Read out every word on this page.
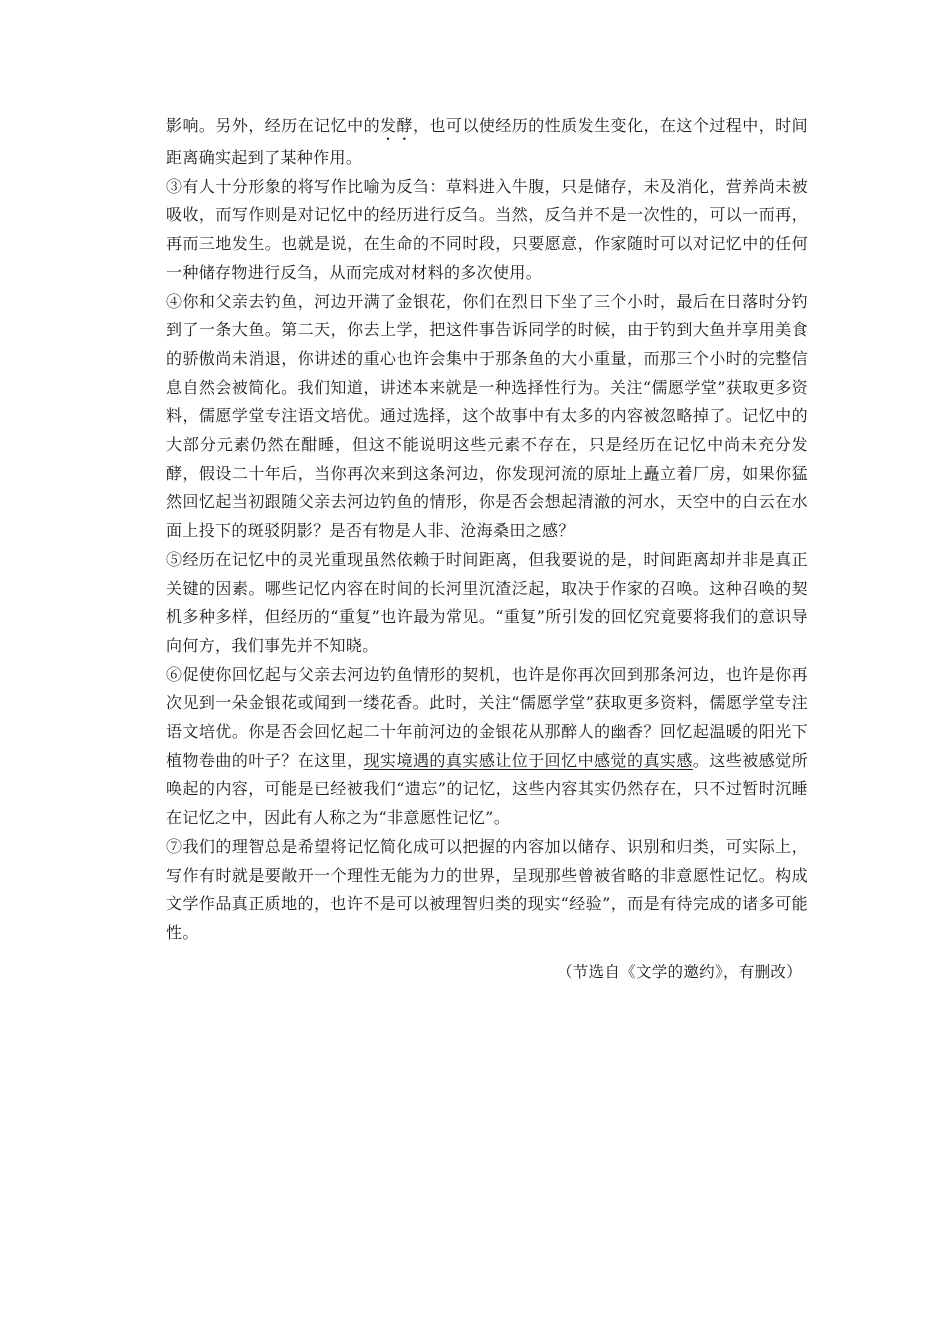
影响。另外，经历在记忆中的发酵，也可以使经历的性质发生变化，在这个过程中，时间距离确实起到了某种作用。

③有人十分形象的将写作比喻为反刍：草料进入牛腹，只是储存，未及消化，营养尚未被吸收，而写作则是对记忆中的经历进行反刍。当然，反刍并不是一次性的，可以一而再，再而三地发生。也就是说，在生命的不同时段，只要愿意，作家随时可以对记忆中的任何一种储存物进行反刍，从而完成对材料的多次使用。

④你和父亲去钓鱼，河边开满了金银花，你们在烈日下坐了三个小时，最后在日落时分钓到了一条大鱼。第二天，你去上学，把这件事告诉同学的时候，由于钓到大鱼并享用美食的骄傲尚未消退，你讲述的重心也许会集中于那条鱼的大小重量，而那三个小时的完整信息自然会被简化。我们知道，讲述本来就是一种选择性行为。关注“儒愿学堂”获取更多资料，儒愿学堂专注语文培优。通过选择，这个故事中有太多的内容被忽略掉了。记忆中的大部分元素仍然在酣睡，但这不能说明这些元素不存在，只是经历在记忆中尚未充分发酵，假设二十年后，当你再次来到这条河边，你发现河流的原址上矗立着厂房，如果你猛然回忆起当初跟随父亲去河边钓鱼的情形，你是否会想起清澈的河水，天空中的白云在水面上投下的斑驳阴影？是否有物是人非、沧海桑田之感？

⑤经历在记忆中的灵光重现虽然依赖于时间距离，但我要说的是，时间距离却并非是真正关键的因素。哪些记忆内容在时间的长河里沉渣泛起，取决于作家的召唤。这种召唤的契机多种多样，但经历的“重复”也许最为常见。“重复”所引发的回忆究竟要将我们的意识导向何方，我们事先并不知晓。

⑥促使你回忆起与父亲去河边钓鱼情形的契机，也许是你再次回到那条河边，也许是你再次见到一朵金银花或闻到一缕花香。此时，关注“儒愿学堂”获取更多资料，儒愿学堂专注语文培优。你是否会回忆起二十年前河边的金银花从那醉人的幽香？回忆起温暖的阳光下植物卷曲的叶子？在这里，现实境遇的真实感让位于回忆中感觉的真实感。这些被感觉所唤起的内容，可能是已经被我们“遗忘”的记忆，这些内容其实仍然存在，只不过暂时沉睡在记忆之中，因此有人称之为“非意愿性记忆”。

⑦我们的理智总是希望将记忆简化成可以把握的内容加以储存、识别和归类，可实际上，写作有时就是要敞开一个理性无能为力的世界，呈现那些曾被省略的非意愿性记忆。构成文学作品真正质地的，也许不是可以被理智归类的现实“经验”，而是有待完成的诸多可能性。

（节选自《文学的邀约》，有删改）
